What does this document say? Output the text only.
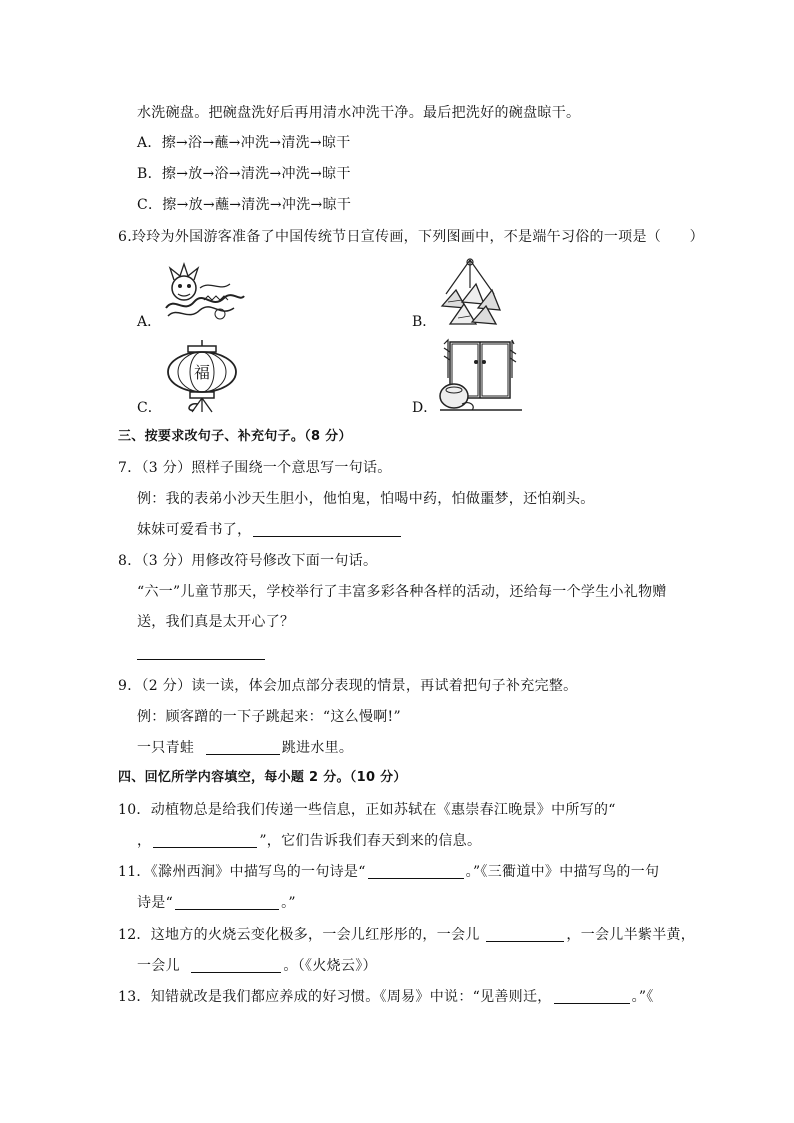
水洗碗盘。把碗盘洗好后再用清水冲洗干净。最后把洗好的碗盘晾干。
A．擦→浴→蘸→冲洗→清洗→晾干
B．擦→放→浴→清洗→冲洗→晾干
C．擦→放→蘸→清洗→冲洗→晾干
6.玲玲为外国游客准备了中国传统节日宣传画，下列图画中，不是端午习俗的一项是（　　）
A．	B．
C．
福
D．
三、按要求改句子、补充句子。（8 分）
7．（3 分）照样子围绕一个意思写一句话。
例：我的表弟小沙天生胆小，他怕鬼，怕喝中药，怕做噩梦，还怕剃头。
妹妹可爱看书了，
8．（3 分）用修改符号修改下面一句话。
“六一”儿童节那天，学校举行了丰富多彩各种各样的活动，还给每一个学生小礼物赠
送，我们真是太开心了？
9．（2 分）读一读，体会加点部分表现的情景，再试着把句子补充完整。
例：顾客蹭的一下子跳起来：“这么慢啊!”
一只青蛙	跳进水里。
四、回忆所学内容填空，每小题 2 分。（10 分）
10．动植物总是给我们传递一些信息，正如苏轼在《惠崇春江晚景》中所写的“
，	”，它们告诉我们春天到来的信息。
11．《滁州西涧》中描写鸟的一句诗是“	。”《三衢道中》中描写鸟的一句
诗是“	。”
12．这地方的火烧云变化极多，一会儿红彤彤的，一会儿	，一会儿半紫半黄，
一会儿	。（《火烧云》）
13．知错就改是我们都应养成的好习惯。《周易》中说：“见善则迁，	。”《
